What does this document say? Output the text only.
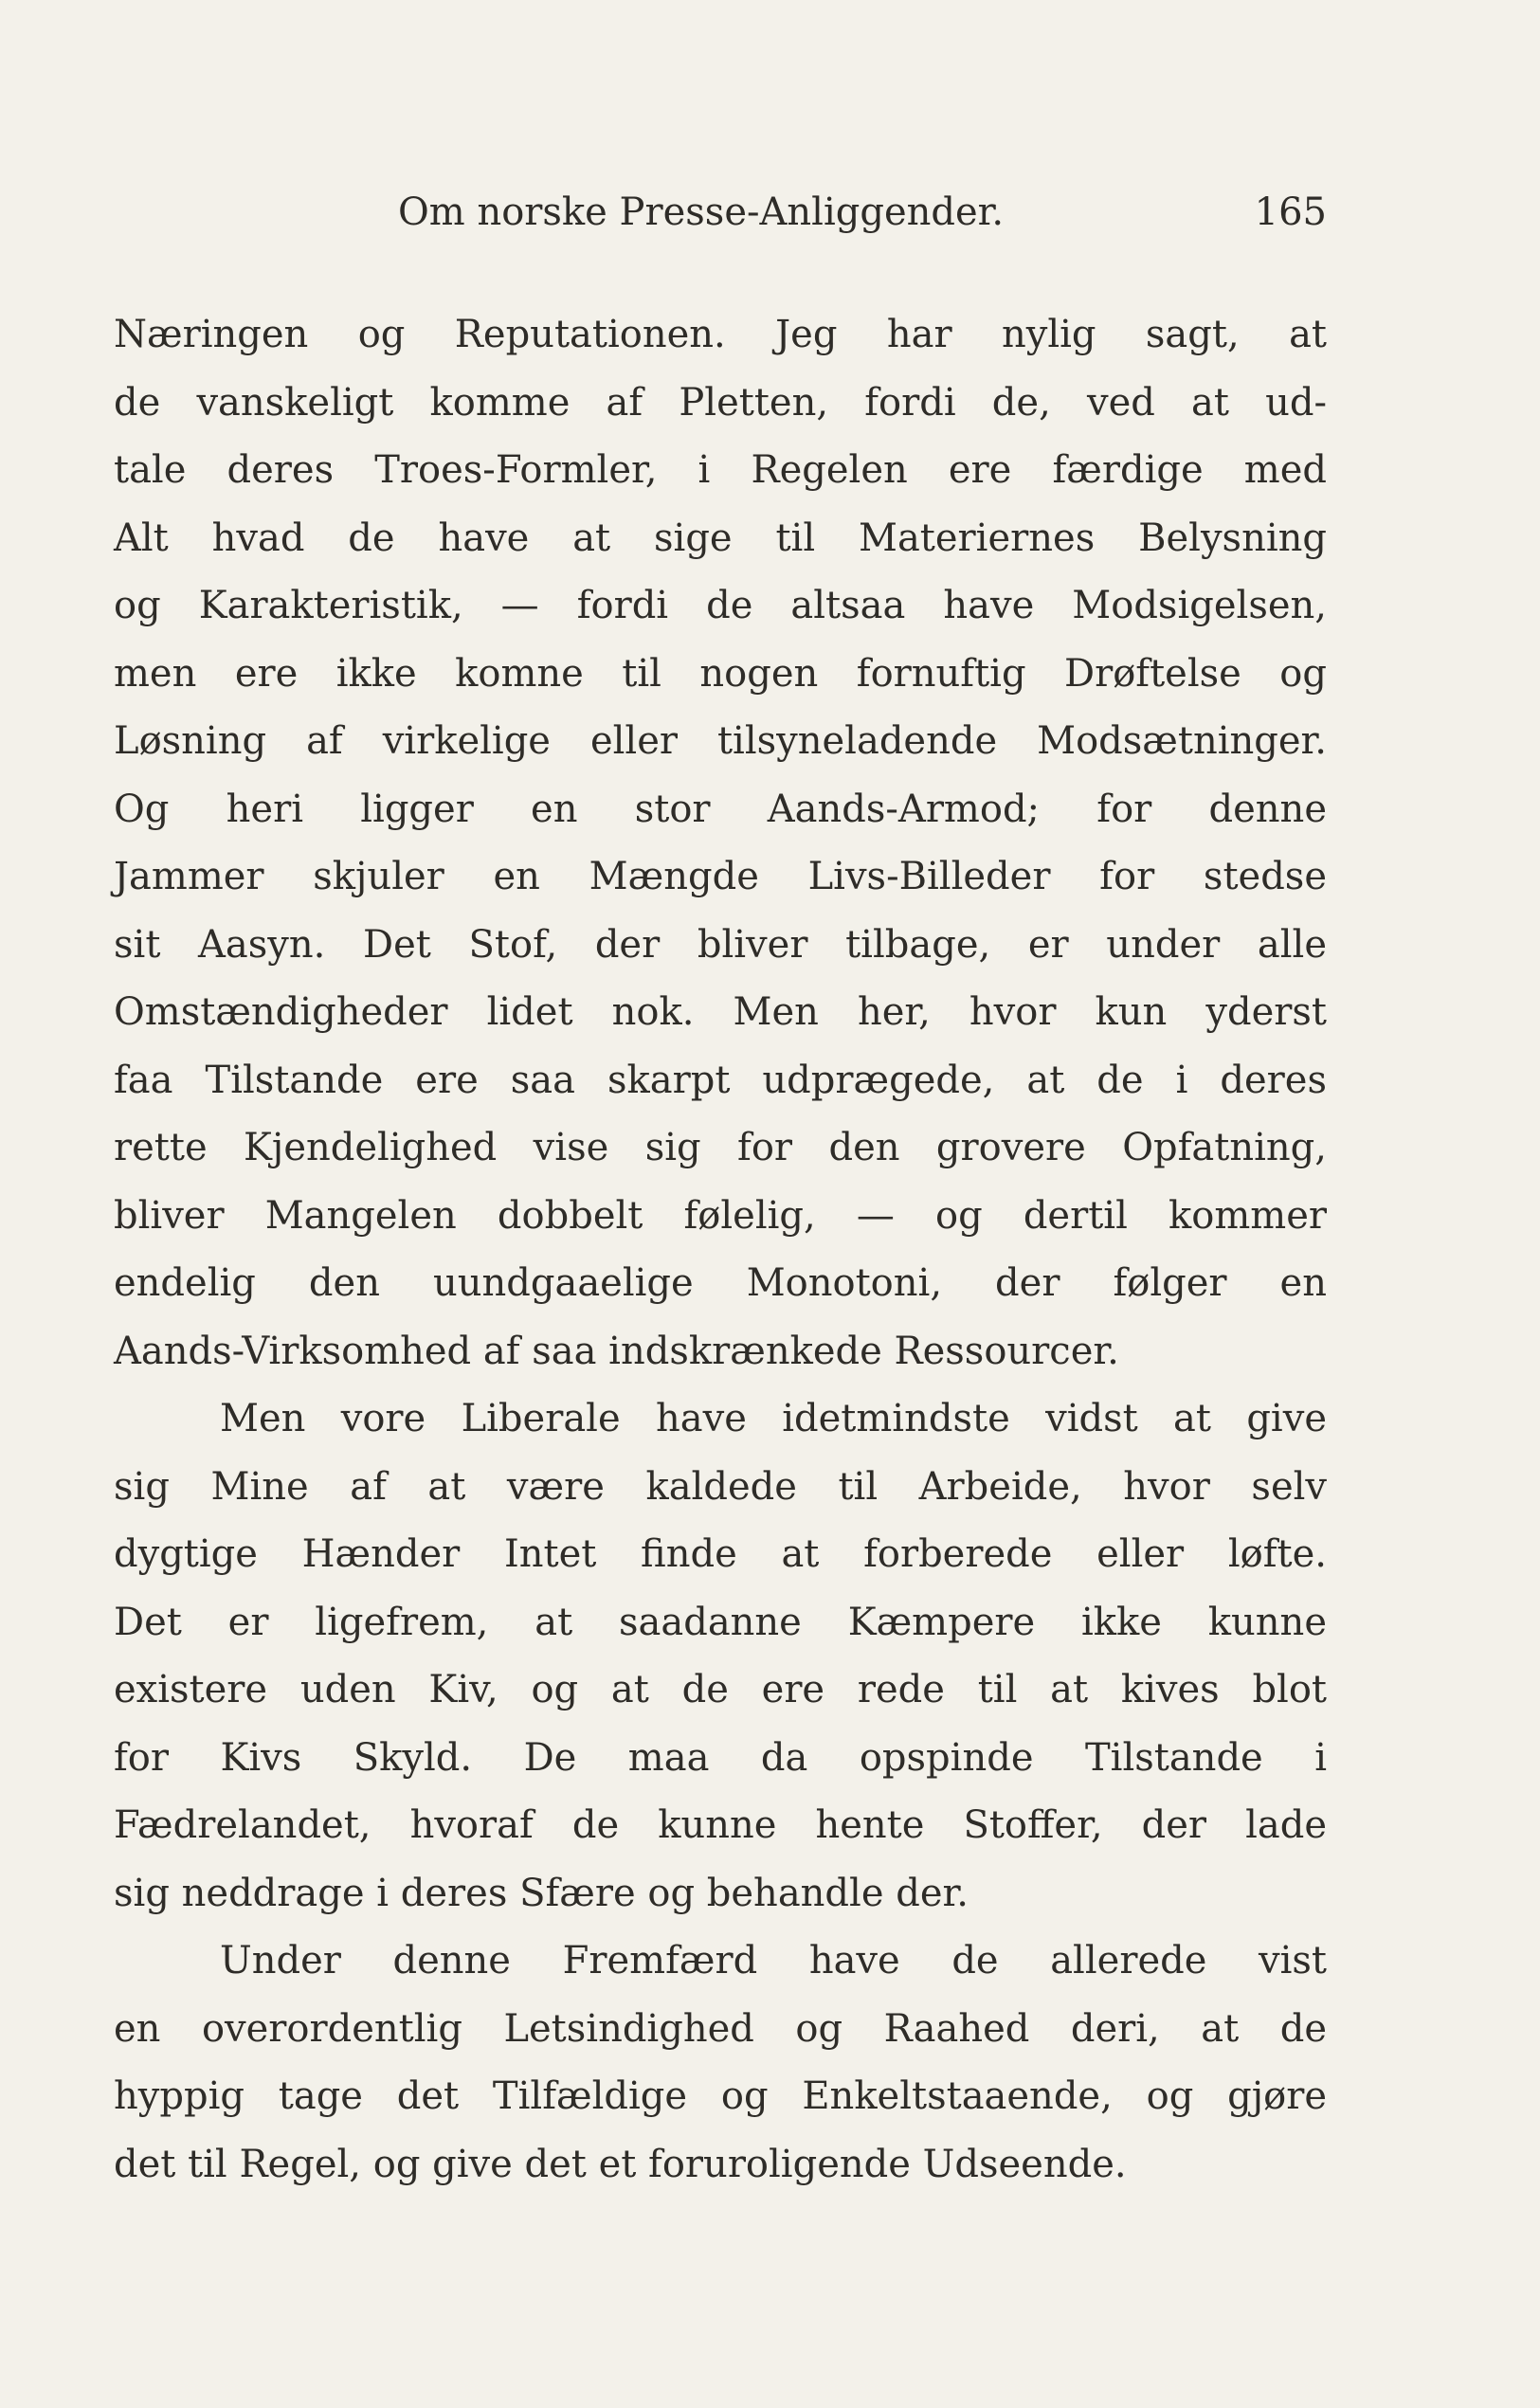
Om norske Presse-Anliggender.	165
Næringen og Reputationen. Jeg har nylig sagt, at
de vanskeligt komme af Pletten, fordi de, ved at ud-
tale deres Troes-Formler, i Regelen ere færdige med
Alt hvad de have at sige til Materiernes Belysning
og Karakteristik, — fordi de altsaa have Modsigelsen,
men ere ikke komne til nogen fornuftig Drøftelse og
Løsning af virkelige eller tilsyneladende Modsætninger.
Og heri ligger en stor Aands-Armod; for denne
Jammer skjuler en Mængde Livs-Billeder for stedse
sit Aasyn. Det Stof, der bliver tilbage, er under alle
Omstændigheder lidet nok. Men her, hvor kun yderst
faa Tilstande ere saa skarpt udprægede, at de i deres
rette Kjendelighed vise sig for den grovere Opfatning,
bliver Mangelen dobbelt følelig, — og dertil kommer
endelig den uundgaaelige Monotoni, der følger en
Aands-Virksomhed af saa indskrænkede Ressourcer.
Men vore Liberale have idetmindste vidst at give
sig Mine af at være kaldede til Arbeide, hvor selv
dygtige Hænder Intet finde at forberede eller løfte.
Det er ligefrem, at saadanne Kæmpere ikke kunne
existere uden Kiv, og at de ere rede til at kives blot
for Kivs Skyld. De maa da opspinde Tilstande i
Fædrelandet, hvoraf de kunne hente Stoffer, der lade
sig neddrage i deres Sfære og behandle der.
Under denne Fremfærd have de allerede vist
en overordentlig Letsindighed og Raahed deri, at de
hyppig tage det Tilfældige og Enkeltstaaende, og gjøre
det til Regel, og give det et foruroligende Udseende.
